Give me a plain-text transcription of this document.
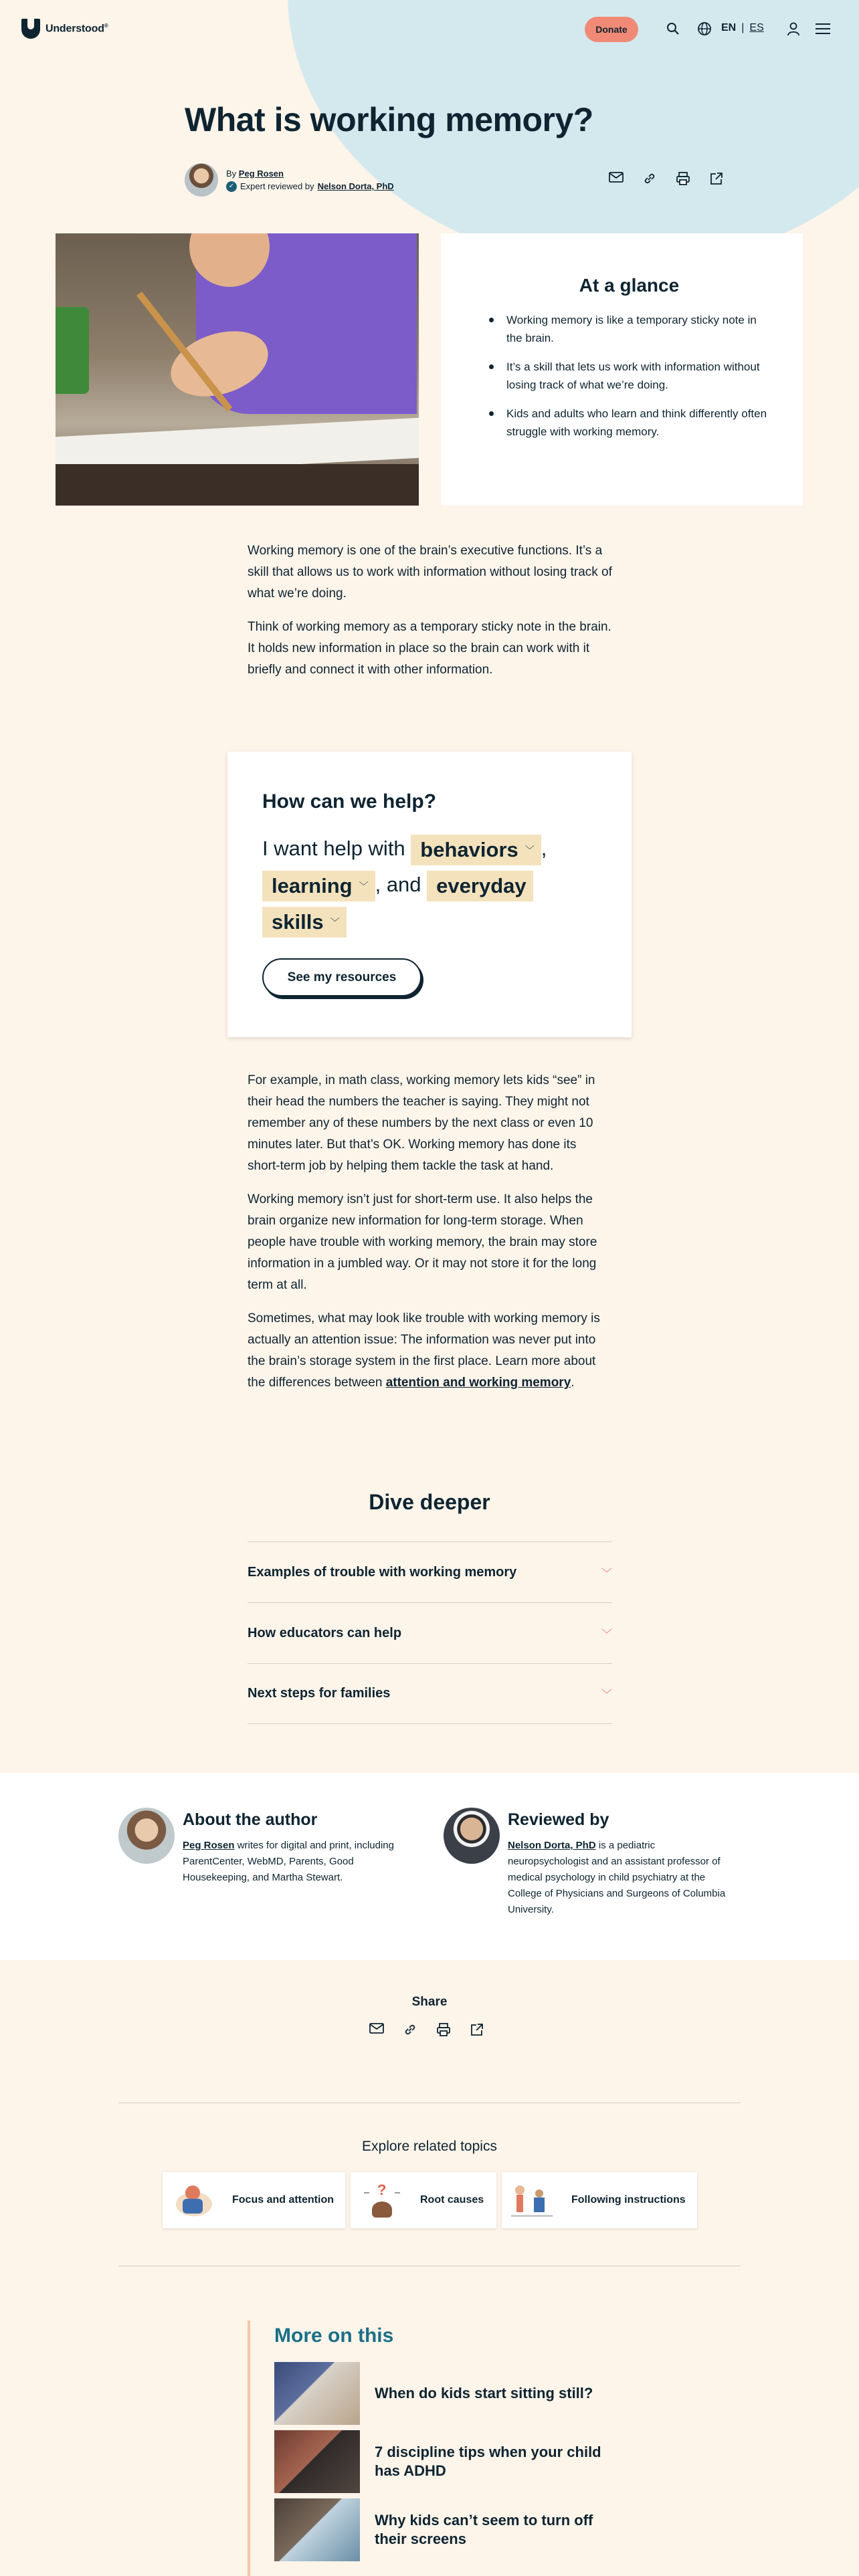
Understood®	Donate	EN | ES
What is working memory?
By Peg Rosen
✓ Expert reviewed by Nelson Dorta, PhD
At a glance
Working memory is like a temporary sticky note in the brain.
It’s a skill that lets us work with information without losing track of what we’re doing.
Kids and adults who learn and think differently often struggle with working memory.

Working memory is one of the brain’s executive functions. It’s a skill that allows us to work with information without losing track of what we’re doing.

Think of working memory as a temporary sticky note in the brain. It holds new information in place so the brain can work with it briefly and connect it with other information.

How can we help?
I want help with behaviors ﹀ ,

learning ﹀ , and everyday

skills ﹀
See my resources

For example, in math class, working memory lets kids “see” in their head the numbers the teacher is saying. They might not remember any of these numbers by the next class or even 10 minutes later. But that’s OK. Working memory has done its short-term job by helping them tackle the task at hand.

Working memory isn’t just for short-term use. It also helps the brain organize new information for long-term storage. When people have trouble with working memory, the brain may store information in a jumbled way. Or it may not store it for the long term at all.

Sometimes, what may look like trouble with working memory is actually an attention issue: The information was never put into the brain’s storage system in the first place. Learn more about the differences between attention and working memory.

Dive deeper
Examples of trouble with working memory	﹀
How educators can help	﹀
Next steps for families	﹀
About the author

Peg Rosen writes for digital and print, including ParentCenter, WebMD, Parents, Good Housekeeping, and Martha Stewart.

Reviewed by

Nelson Dorta, PhD is a pediatric neuropsychologist and an assistant professor of medical psychology in child psychiatry at the College of Physicians and Surgeons of Columbia University.

Share
Explore related topics
Focus and attention
?
Root causes	Following instructions
More on this
When do kids start sitting still?
7 discipline tips when your child has ADHD
Why kids can’t seem to turn off their screens
